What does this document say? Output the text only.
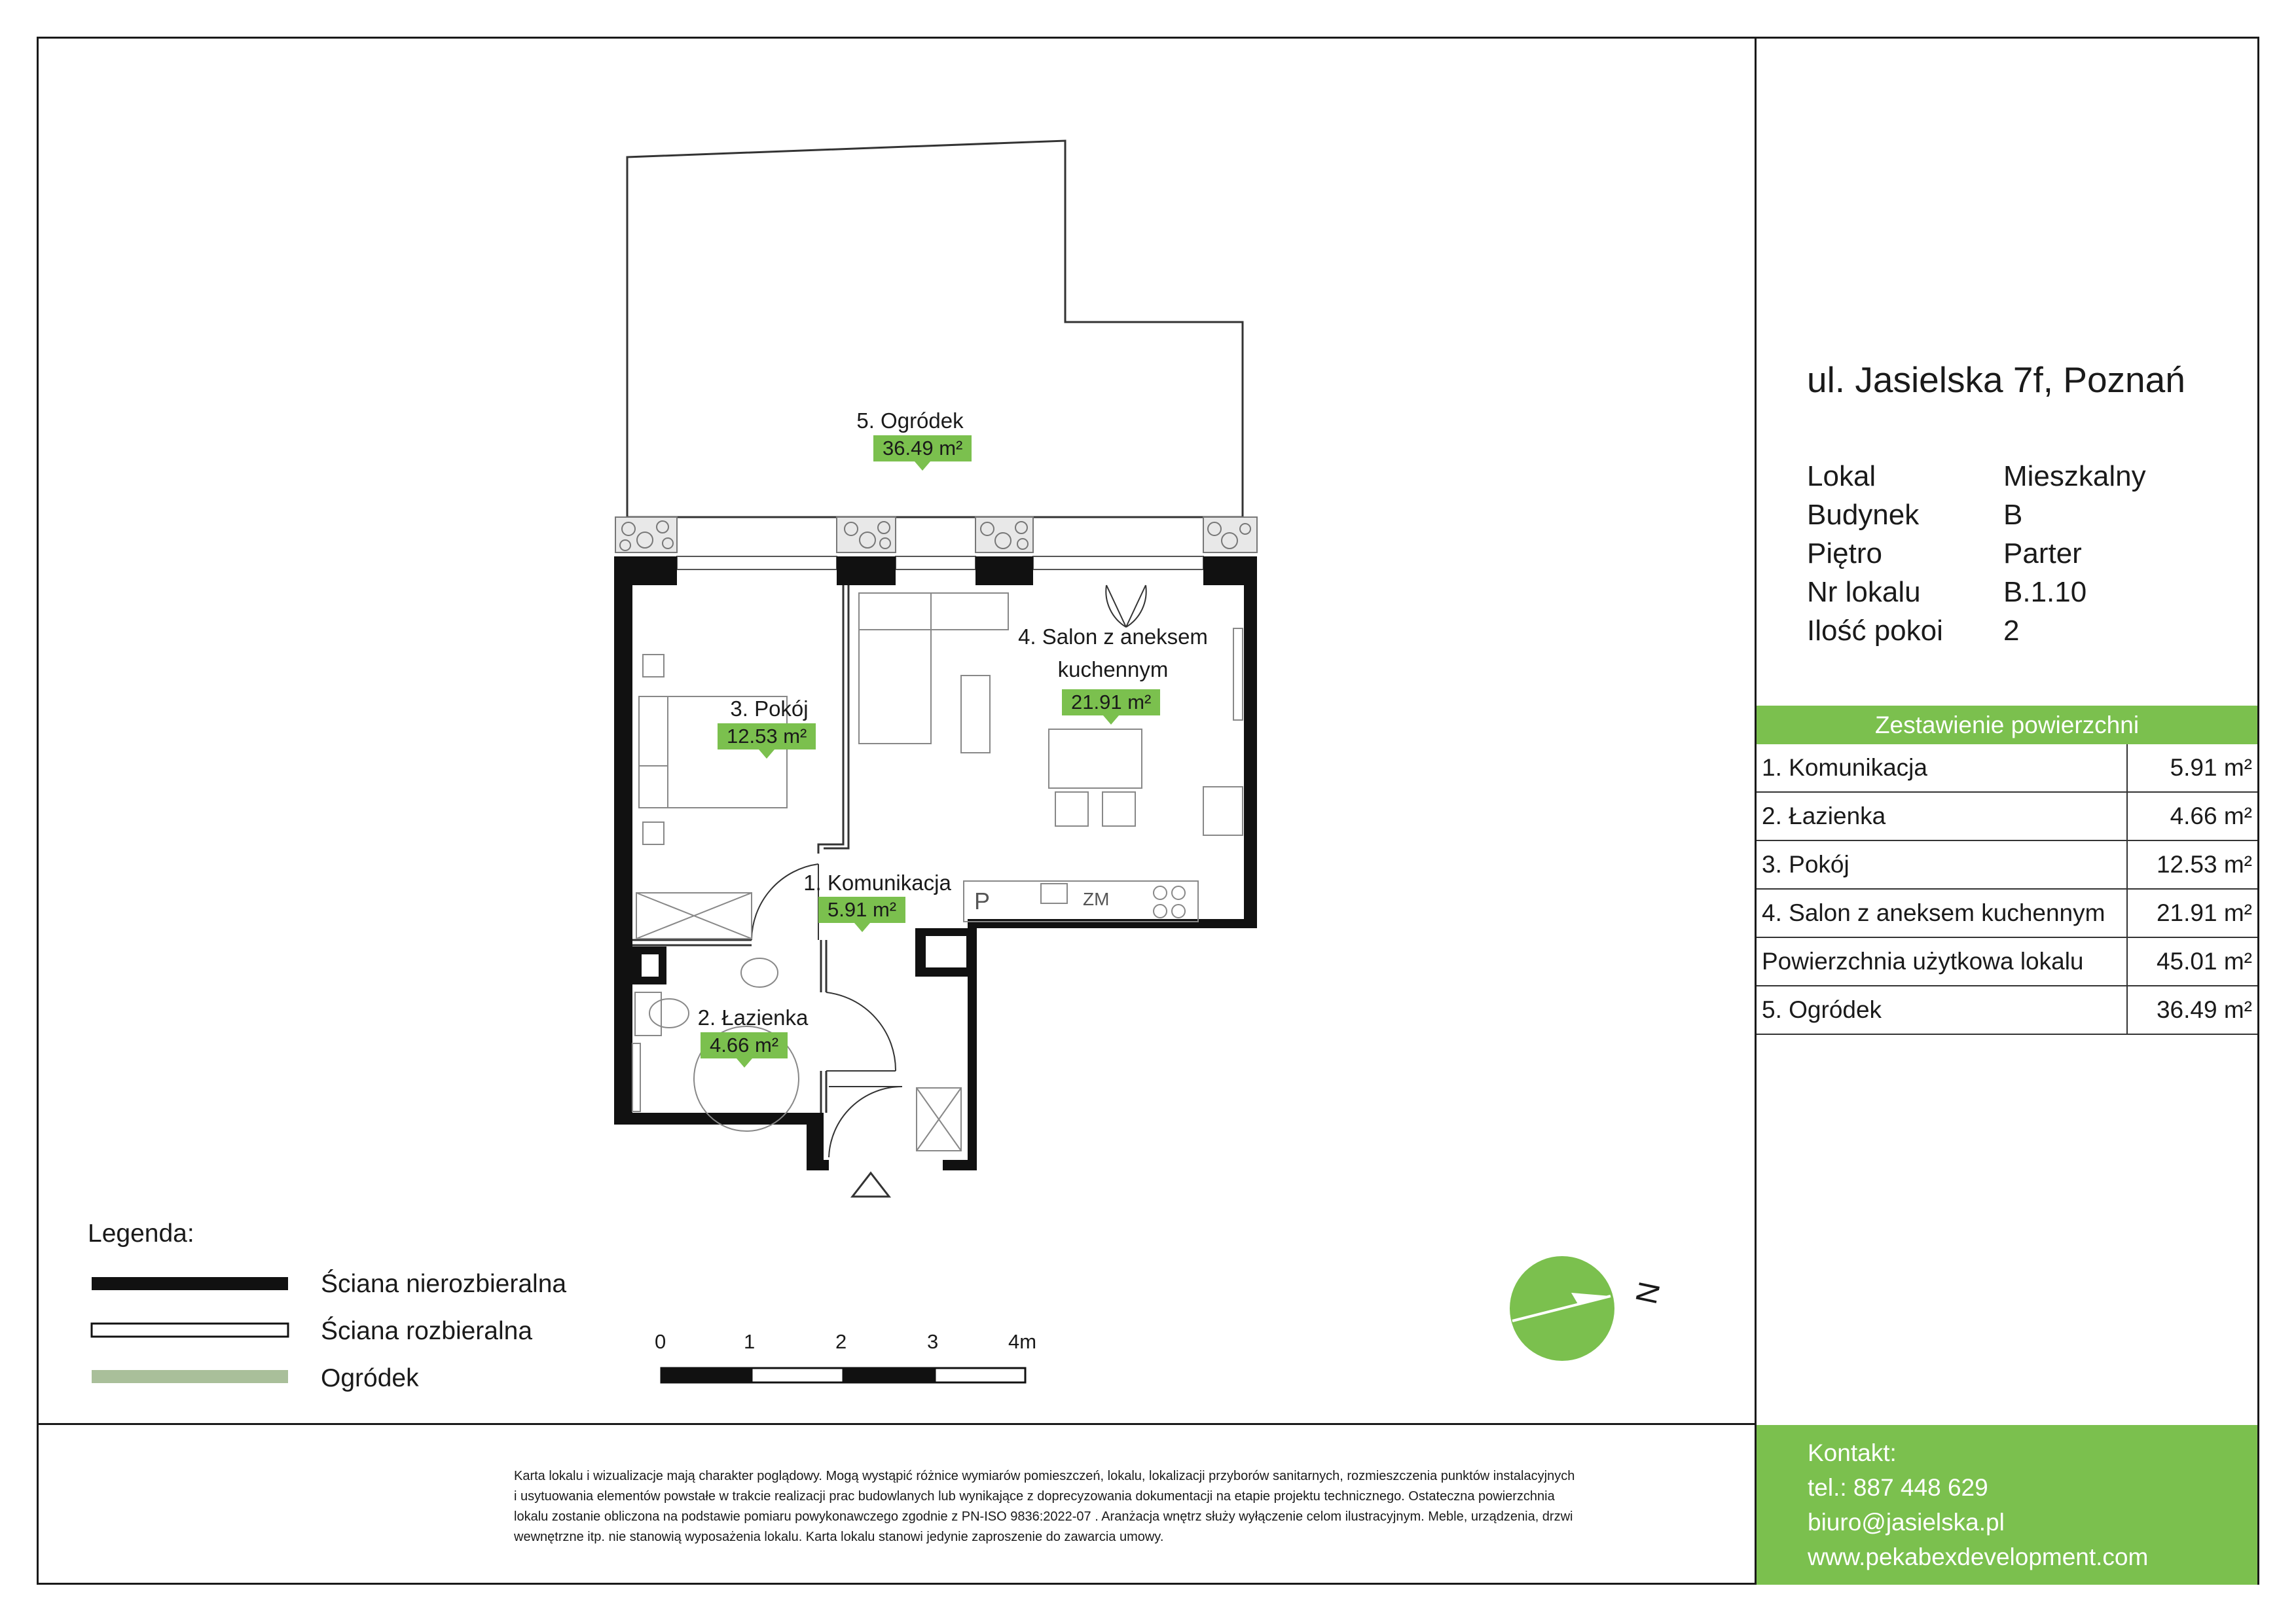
5. Ogródek
36.49 m²
4. Salon z aneksem
kuchennym
21.91 m²
3. Pokój
12.53 m²
1. Komunikacja
5.91 m²
2. Łazienka
4.66 m²
P	ZM
N
Legenda:
Ściana nierozbieralna
Ściana rozbieralna
Ogródek
0	1	2	3	4m
ul. Jasielska 7f, Poznań
Lokal	Mieszkalny
Budynek	B
Piętro	Parter
Nr lokalu	B.1.10
Ilość pokoi	2
Zestawienie powierzchni
1. Komunikacja	5.91 m²
2. Łazienka	4.66 m²
3. Pokój	12.53 m²
4. Salon z aneksem kuchennym	21.91 m²
Powierzchnia użytkowa lokalu	45.01 m²
5. Ogródek	36.49 m²
Karta lokalu i wizualizacje mają charakter poglądowy. Mogą wystąpić różnice wymiarów pomieszczeń, lokalu, lokalizacji przyborów sanitarnych, rozmieszczenia punktów instalacyjnych
i usytuowania elementów powstałe w trakcie realizacji prac budowlanych lub wynikające z doprecyzowania dokumentacji na etapie projektu technicznego. Ostateczna powierzchnia
lokalu zostanie obliczona na podstawie pomiaru powykonawczego zgodnie z PN-ISO 9836:2022-07 . Aranżacja wnętrz służy wyłączenie celom ilustracyjnym. Meble, urządzenia, drzwi
wewnętrzne itp. nie stanowią wyposażenia lokalu. Karta lokalu stanowi jedynie zaproszenie do zawarcia umowy.
Kontakt:
tel.: 887 448 629
biuro@jasielska.pl
www.pekabexdevelopment.com
